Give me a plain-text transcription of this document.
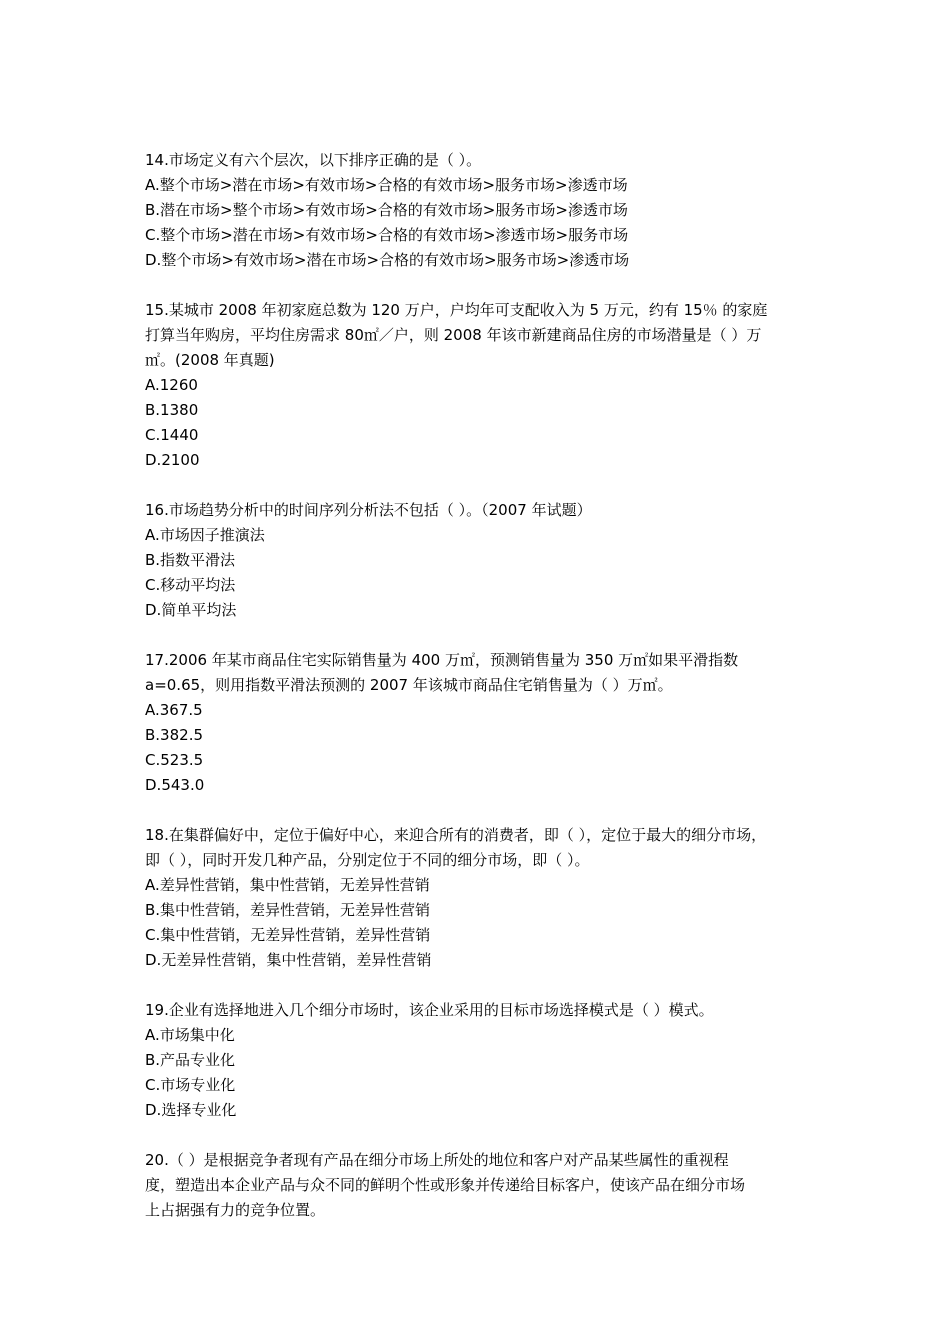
14.市场定义有六个层次，以下排序正确的是（ ）。
A.整个市场>潜在市场>有效市场>合格的有效市场>服务市场>渗透市场
B.潜在市场>整个市场>有效市场>合格的有效市场>服务市场>渗透市场
C.整个市场>潜在市场>有效市场>合格的有效市场>渗透市场>服务市场
D.整个市场>有效市场>潜在市场>合格的有效市场>服务市场>渗透市场
15.某城市 2008 年初家庭总数为 120 万户，户均年可支配收入为 5 万元，约有 15％ 的家庭
打算当年购房，平均住房需求 80㎡／户，则 2008 年该市新建商品住房的市场潜量是（ ）万
㎡。(2008 年真题)
A.1260
B.1380
C.1440
D.2100
16.市场趋势分析中的时间序列分析法不包括（ ）。（2007 年试题）
A.市场因子推演法
B.指数平滑法
C.移动平均法
D.简单平均法
17.2006 年某市商品住宅实际销售量为 400 万㎡，预测销售量为 350 万㎡如果平滑指数
a=0.65，则用指数平滑法预测的 2007 年该城市商品住宅销售量为（ ）万㎡。
A.367.5
B.382.5
C.523.5
D.543.0
18.在集群偏好中，定位于偏好中心，来迎合所有的消费者，即（ ），定位于最大的细分市场，
即（ ），同时开发几种产品，分别定位于不同的细分市场，即（ ）。
A.差异性营销，集中性营销，无差异性营销
B.集中性营销，差异性营销，无差异性营销
C.集中性营销，无差异性营销，差异性营销
D.无差异性营销，集中性营销，差异性营销
19.企业有选择地进入几个细分市场时，该企业采用的目标市场选择模式是（ ）模式。
A.市场集中化
B.产品专业化
C.市场专业化
D.选择专业化
20.（ ）是根据竞争者现有产品在细分市场上所处的地位和客户对产品某些属性的重视程
度，塑造出本企业产品与众不同的鲜明个性或形象并传递给目标客户，使该产品在细分市场
上占据强有力的竞争位置。
